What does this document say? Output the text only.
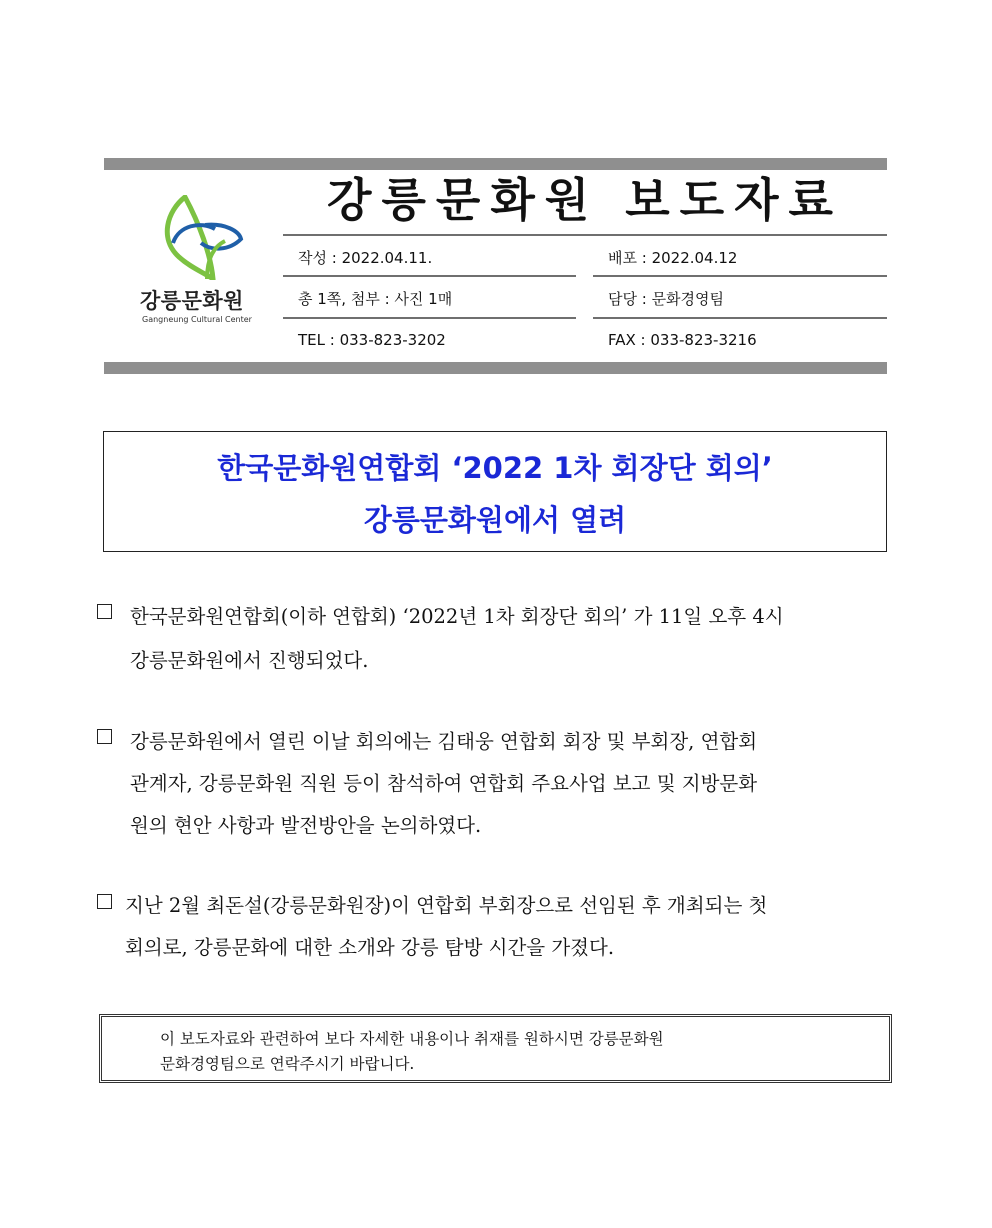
강릉문화원
Gangneung Cultural Center
강릉문화원 보도자료
작성 : 2022.04.11.	배포 : 2022.04.12
총 1쪽, 첨부 : 사진 1매	담당 : 문화경영팀
TEL : 033-823-3202	FAX : 033-823-3216
한국문화원연합회 ‘2022 1차 회장단 회의’
강릉문화원에서 열려
한국문화원연합회(이하 연합회) ‘2022년 1차 회장단 회의’ 가 11일 오후 4시
강릉문화원에서 진행되었다.
강릉문화원에서 열린 이날 회의에는 김태웅 연합회 회장 및 부회장, 연합회
관계자, 강릉문화원 직원 등이 참석하여 연합회 주요사업 보고 및 지방문화
원의 현안 사항과 발전방안을 논의하였다.
지난 2월 최돈설(강릉문화원장)이 연합회 부회장으로 선임된 후 개최되는 첫
회의로, 강릉문화에 대한 소개와 강릉 탐방 시간을 가졌다.
이 보도자료와 관련하여 보다 자세한 내용이나 취재를 원하시면 강릉문화원
문화경영팀으로 연락주시기 바랍니다.
